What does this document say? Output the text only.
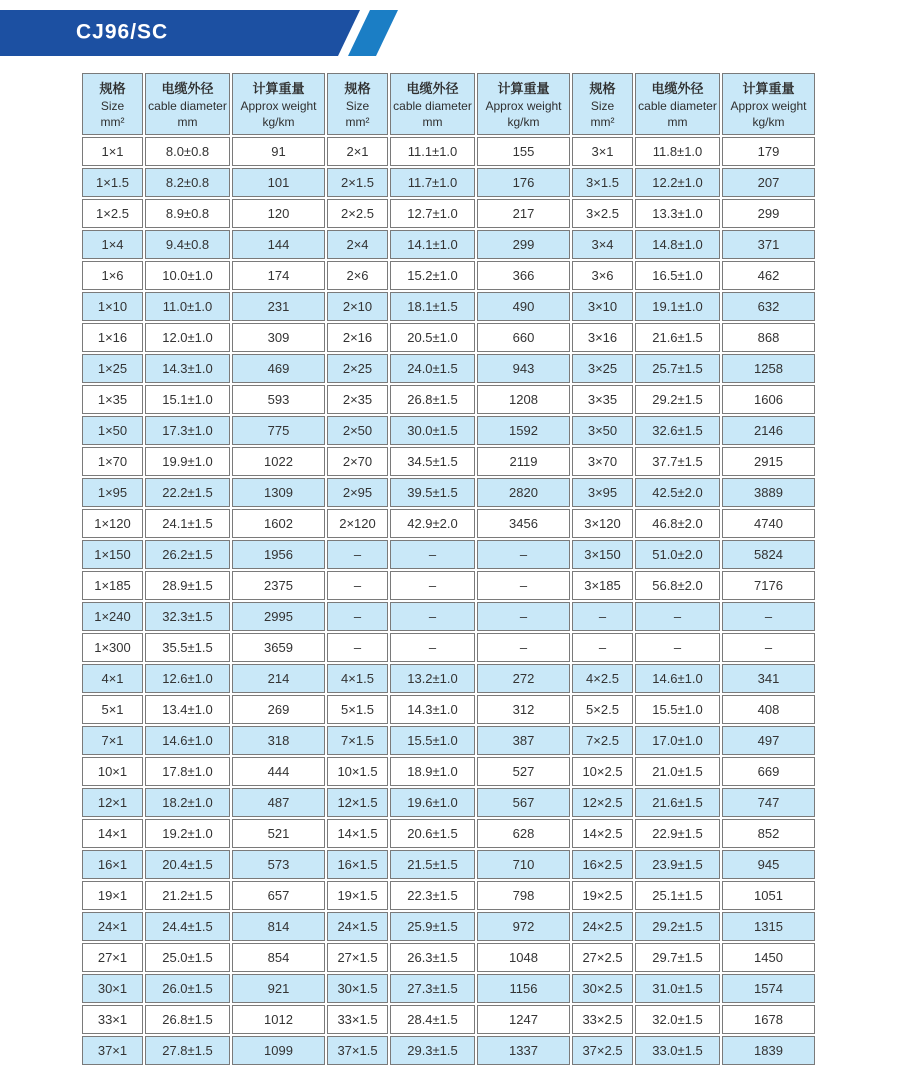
CJ96/SC
规格
Size
mm²

电缆外径
cable diameter
mm

计算重量
Approx weight
kg/km

规格
Size
mm²

电缆外径
cable diameter
mm

计算重量
Approx weight
kg/km

规格
Size
mm²

电缆外径
cable diameter
mm

计算重量
Approx weight
kg/km

1×1	8.0±0.8	91	2×1	11.1±1.0	155	3×1	11.8±1.0	179
1×1.5	8.2±0.8	101	2×1.5	11.7±1.0	176	3×1.5	12.2±1.0	207
1×2.5	8.9±0.8	120	2×2.5	12.7±1.0	217	3×2.5	13.3±1.0	299
1×4	9.4±0.8	144	2×4	14.1±1.0	299	3×4	14.8±1.0	371
1×6	10.0±1.0	174	2×6	15.2±1.0	366	3×6	16.5±1.0	462
1×10	11.0±1.0	231	2×10	18.1±1.5	490	3×10	19.1±1.0	632
1×16	12.0±1.0	309	2×16	20.5±1.0	660	3×16	21.6±1.5	868
1×25	14.3±1.0	469	2×25	24.0±1.5	943	3×25	25.7±1.5	1258
1×35	15.1±1.0	593	2×35	26.8±1.5	1208	3×35	29.2±1.5	1606
1×50	17.3±1.0	775	2×50	30.0±1.5	1592	3×50	32.6±1.5	2146
1×70	19.9±1.0	1022	2×70	34.5±1.5	2119	3×70	37.7±1.5	2915
1×95	22.2±1.5	1309	2×95	39.5±1.5	2820	3×95	42.5±2.0	3889
1×120	24.1±1.5	1602	2×120	42.9±2.0	3456	3×120	46.8±2.0	4740
1×150	26.2±1.5	1956	–	–	–	3×150	51.0±2.0	5824
1×185	28.9±1.5	2375	–	–	–	3×185	56.8±2.0	7176
1×240	32.3±1.5	2995	–	–	–	–	–	–
1×300	35.5±1.5	3659	–	–	–	–	–	–
4×1	12.6±1.0	214	4×1.5	13.2±1.0	272	4×2.5	14.6±1.0	341
5×1	13.4±1.0	269	5×1.5	14.3±1.0	312	5×2.5	15.5±1.0	408
7×1	14.6±1.0	318	7×1.5	15.5±1.0	387	7×2.5	17.0±1.0	497
10×1	17.8±1.0	444	10×1.5	18.9±1.0	527	10×2.5	21.0±1.5	669
12×1	18.2±1.0	487	12×1.5	19.6±1.0	567	12×2.5	21.6±1.5	747
14×1	19.2±1.0	521	14×1.5	20.6±1.5	628	14×2.5	22.9±1.5	852
16×1	20.4±1.5	573	16×1.5	21.5±1.5	710	16×2.5	23.9±1.5	945
19×1	21.2±1.5	657	19×1.5	22.3±1.5	798	19×2.5	25.1±1.5	1051
24×1	24.4±1.5	814	24×1.5	25.9±1.5	972	24×2.5	29.2±1.5	1315
27×1	25.0±1.5	854	27×1.5	26.3±1.5	1048	27×2.5	29.7±1.5	1450
30×1	26.0±1.5	921	30×1.5	27.3±1.5	1156	30×2.5	31.0±1.5	1574
33×1	26.8±1.5	1012	33×1.5	28.4±1.5	1247	33×2.5	32.0±1.5	1678
37×1	27.8±1.5	1099	37×1.5	29.3±1.5	1337	37×2.5	33.0±1.5	1839
